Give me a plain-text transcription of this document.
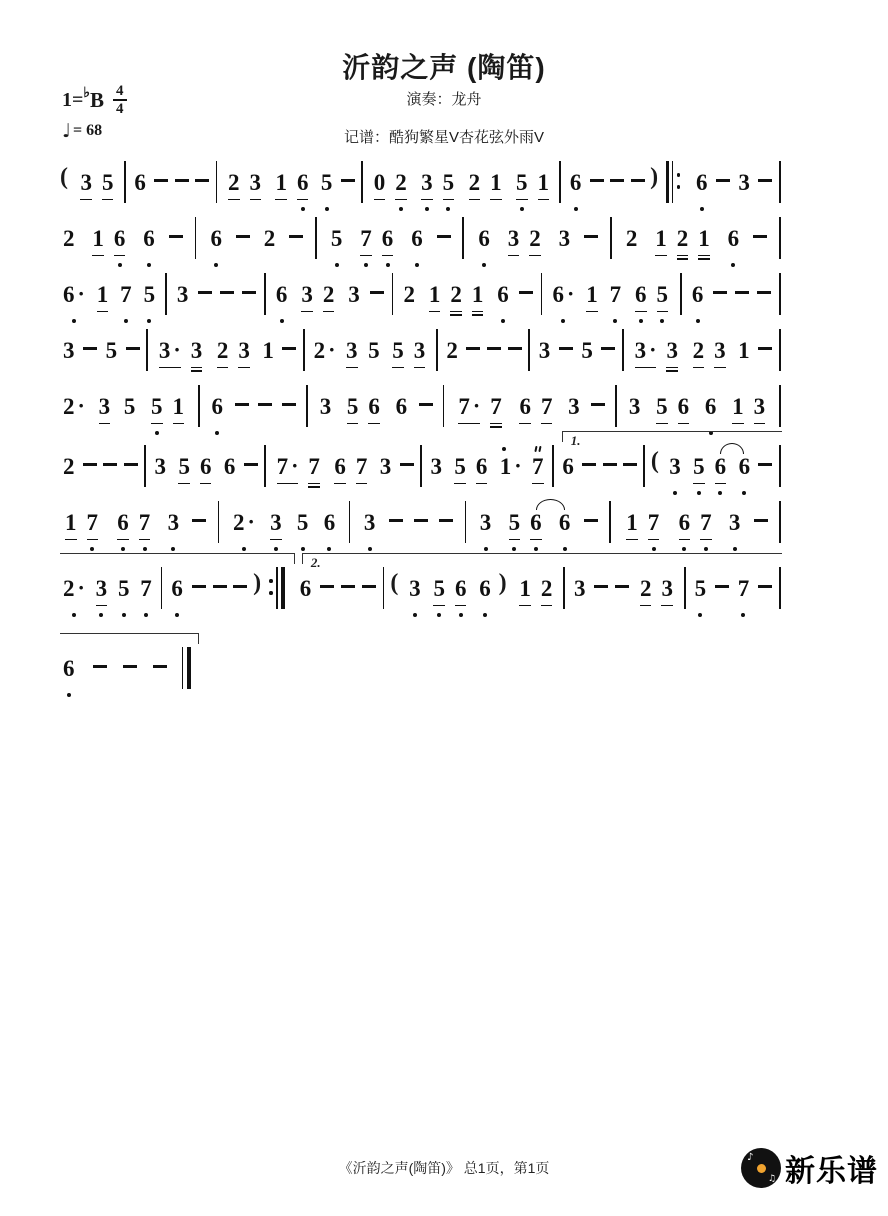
沂韵之声 (陶笛)
演奏：龙舟
记谱：酷狗繁星V杏花弦外雨V
1= ♭ B $\frac{4}{4}$
♩ = 68
( 3 5 6	2 3 1 6 5 0 2 3 5 2 1 5 1 6	) 6 3
2 1 6 6 6 2 5 7 6 6 6 3 2 3 2 1 2 1 6
6 · 1 7 5 3	6 3 2 3 2 1 2 1 6 6 · 1 7 6 5 6
3 5 3 · 3 2 3 1 2 · 3 5 5 3 2	3 5 3 · 3 2 3 1
2 · 3 5 5 1 6	3 5 6 6 7 · 7 6 7 3 3 5 6 6 1 3
1.
2	3 5 6 6 7 · 7 6 7 3 3 5 6 1 · 7 6	( 3 5 6 6
1 7 6 7 3 2 · 3 5 6 3	3 5 6 6 1 7 6 7 3
2.
2 · 3 5 7 6	) 6	( 3 5 6 6 ) 1 2 3 2 3 5 7
6
《沂韵之声(陶笛)》 总1页，第1页
♪
♫ 新乐谱
